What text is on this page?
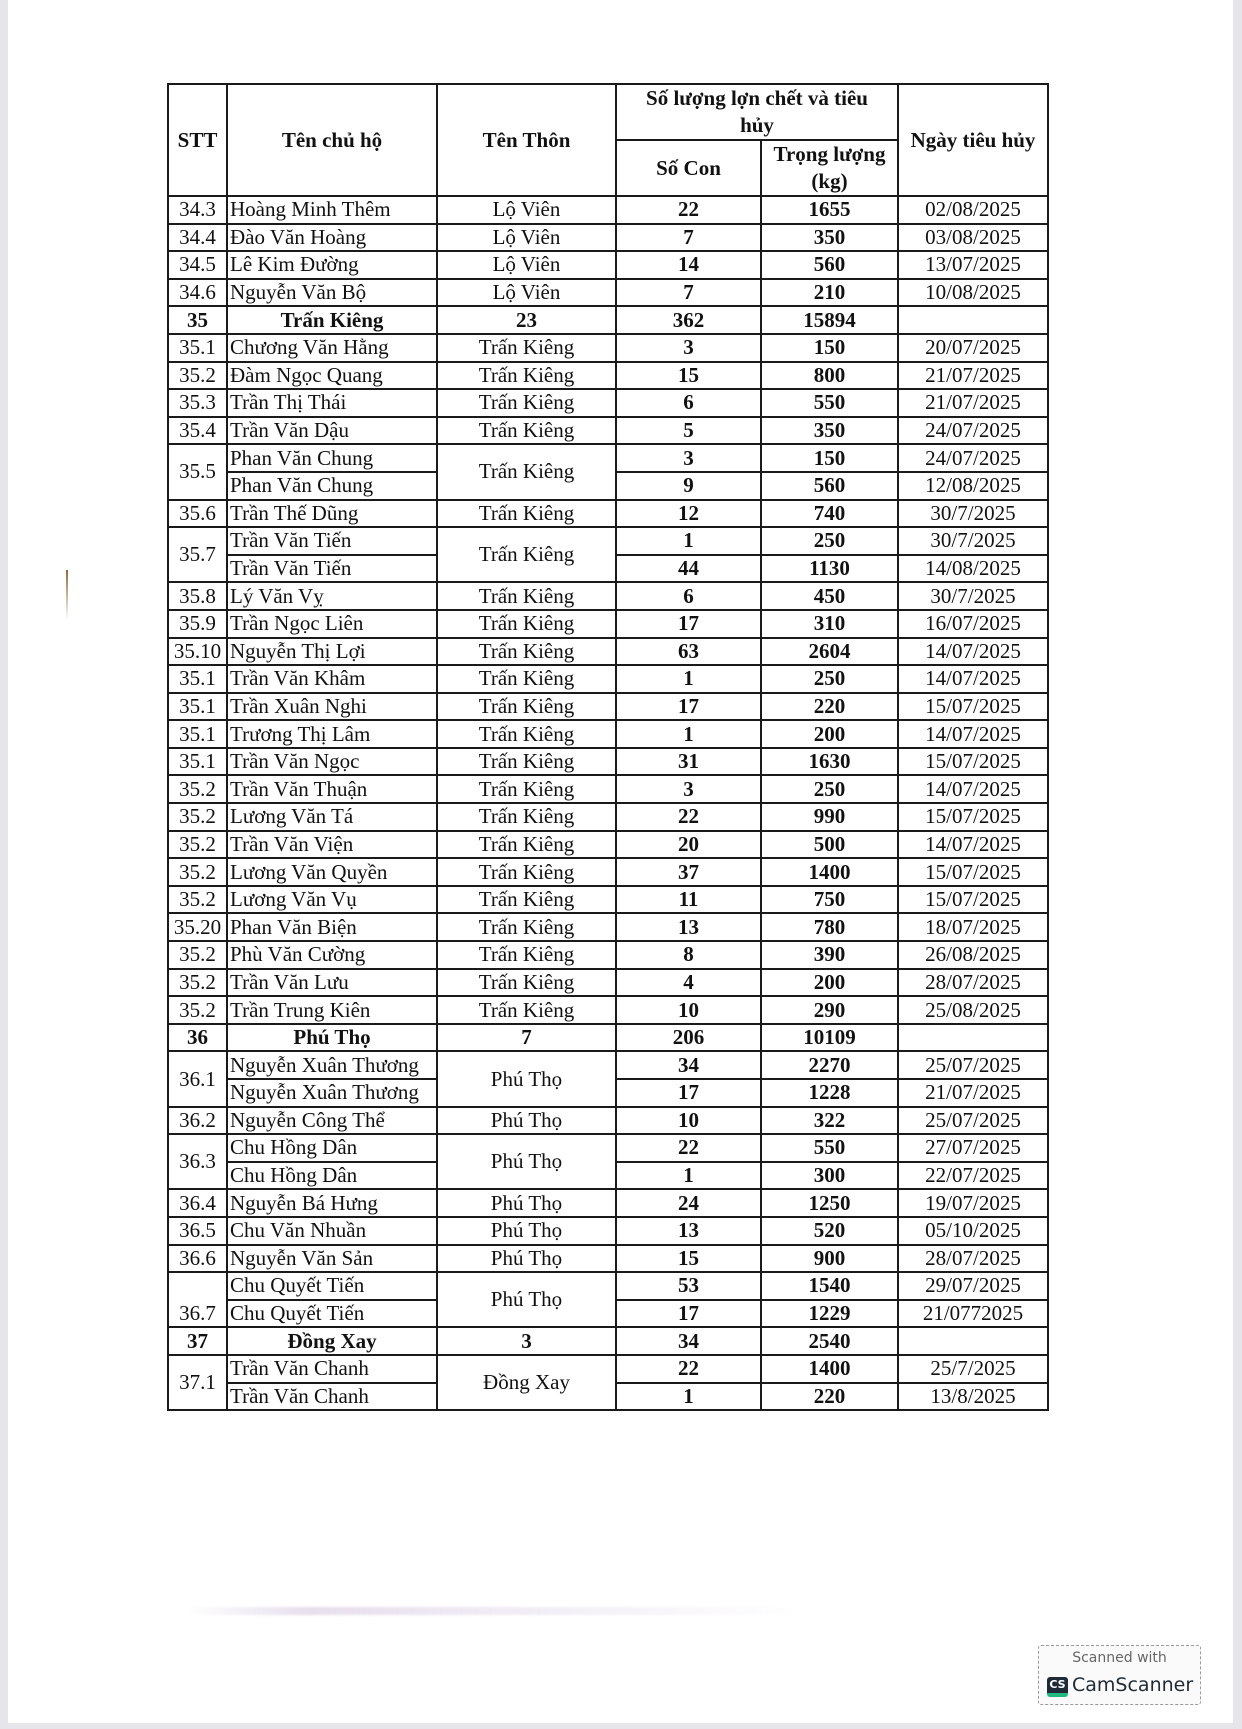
STT	Tên chủ hộ	Tên Thôn	Số lượng lợn chết và tiêu hủy		Ngày tiêu hủy
			Số Con	Trọng lượng (kg)	
34.3	Hoàng Minh Thêm	Lộ Viên	22	1655	02/08/2025
34.4	Đào Văn Hoàng	Lộ Viên	7	350	03/08/2025
34.5	Lê Kim Đường	Lộ Viên	14	560	13/07/2025
34.6	Nguyễn Văn Bộ	Lộ Viên	7	210	10/08/2025
35	Trấn Kiêng	23	362	15894	
35.1	Chương Văn Hằng	Trấn Kiêng	3	150	20/07/2025
35.2	Đàm Ngọc Quang	Trấn Kiêng	15	800	21/07/2025
35.3	Trần Thị Thái	Trấn Kiêng	6	550	21/07/2025
35.4	Trần Văn Dậu	Trấn Kiêng	5	350	24/07/2025
35.5	Phan Văn Chung	Trấn Kiêng	3	150	24/07/2025
	Phan Văn Chung		9	560	12/08/2025
35.6	Trần Thế Dũng	Trấn Kiêng	12	740	30/7/2025
35.7	Trần Văn Tiến	Trấn Kiêng	1	250	30/7/2025
	Trần Văn Tiến		44	1130	14/08/2025
35.8	Lý Văn Vỵ	Trấn Kiêng	6	450	30/7/2025
35.9	Trần Ngọc Liên	Trấn Kiêng	17	310	16/07/2025
35.10	Nguyễn Thị Lợi	Trấn Kiêng	63	2604	14/07/2025
35.1	Trần Văn Khâm	Trấn Kiêng	1	250	14/07/2025
35.1	Trần Xuân Nghi	Trấn Kiêng	17	220	15/07/2025
35.1	Trương Thị Lâm	Trấn Kiêng	1	200	14/07/2025
35.1	Trần Văn Ngọc	Trấn Kiêng	31	1630	15/07/2025
35.2	Trần Văn Thuận	Trấn Kiêng	3	250	14/07/2025
35.2	Lương Văn Tá	Trấn Kiêng	22	990	15/07/2025
35.2	Trần Văn Viện	Trấn Kiêng	20	500	14/07/2025
35.2	Lương Văn Quyền	Trấn Kiêng	37	1400	15/07/2025
35.2	Lương Văn Vụ	Trấn Kiêng	11	750	15/07/2025
35.20	Phan Văn Biện	Trấn Kiêng	13	780	18/07/2025
35.2	Phù Văn Cường	Trấn Kiêng	8	390	26/08/2025
35.2	Trần Văn Lưu	Trấn Kiêng	4	200	28/07/2025
35.2	Trần Trung Kiên	Trấn Kiêng	10	290	25/08/2025
36	Phú Thọ	7	206	10109	
36.1	Nguyễn Xuân Thương	Phú Thọ	34	2270	25/07/2025
	Nguyễn Xuân Thương		17	1228	21/07/2025
36.2	Nguyễn Công Thể	Phú Thọ	10	322	25/07/2025
36.3	Chu Hồng Dân	Phú Thọ	22	550	27/07/2025
	Chu Hồng Dân		1	300	22/07/2025
36.4	Nguyễn Bá Hưng	Phú Thọ	24	1250	19/07/2025
36.5	Chu Văn Nhuần	Phú Thọ	13	520	05/10/2025
36.6	Nguyễn Văn Sản	Phú Thọ	15	900	28/07/2025
36.7	Chu Quyết Tiến	Phú Thọ	53	1540	29/07/2025
	Chu Quyết Tiến		17	1229	21/0772025
37	Đồng Xay	3	34	2540	
37.1	Trần Văn Chanh	Đồng Xay	22	1400	25/7/2025
	Trần Văn Chanh		1	220	13/8/2025
Scanned with
CS CamScanner
